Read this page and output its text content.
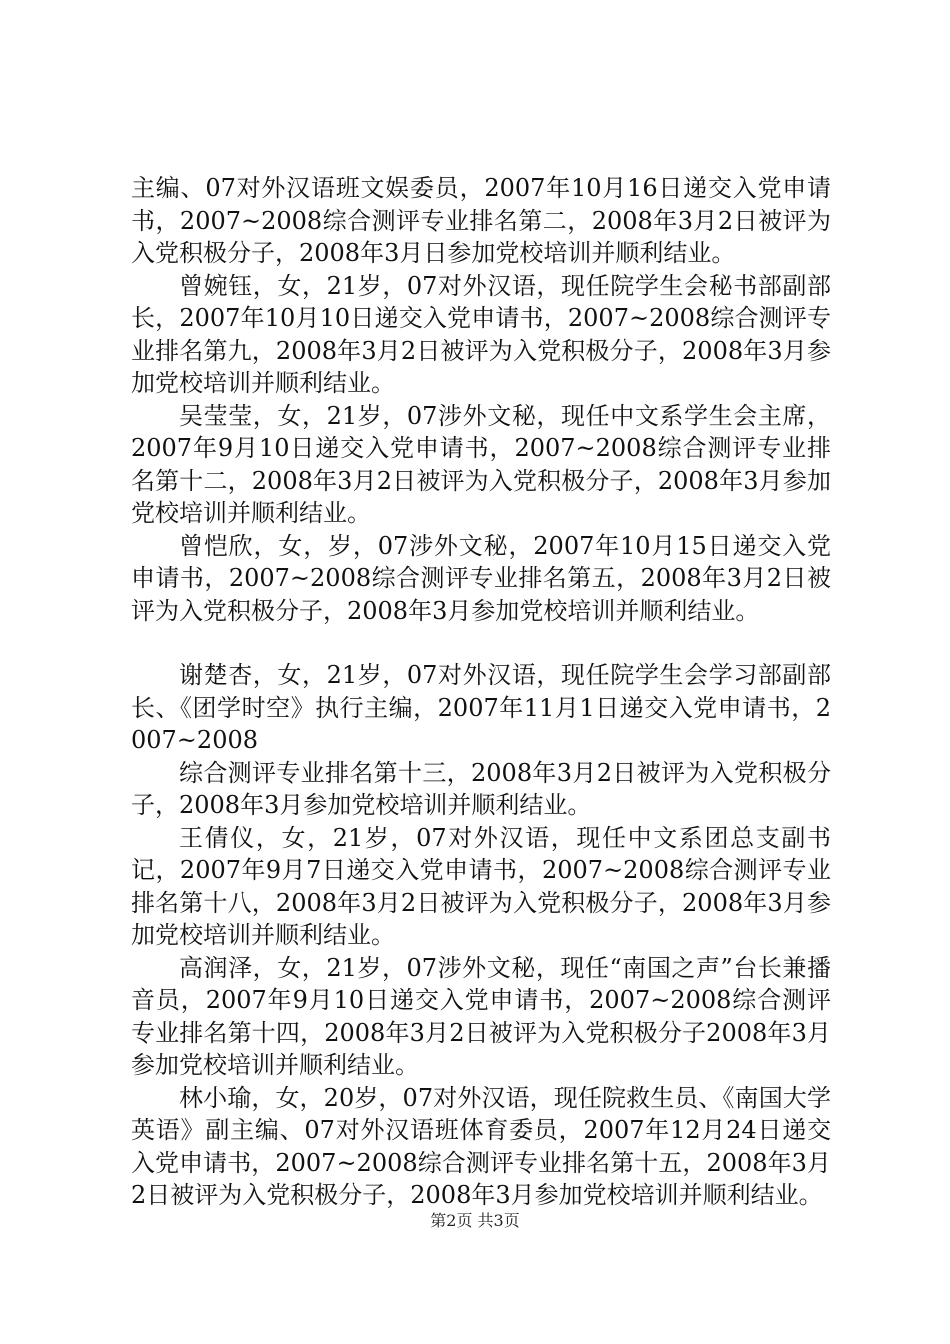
主编、07对外汉语班文娱委员，2007年10月16日递交入党申请书，2007~2008综合测评专业排名第二，2008年3月2日被评为入党积极分子，2008年3月日参加党校培训并顺利结业。

曾婉钰，女，21岁，07对外汉语，现任院学生会秘书部副部长，2007年10月10日递交入党申请书，2007~2008综合测评专业排名第九，2008年3月2日被评为入党积极分子，2008年3月参加党校培训并顺利结业。

吴莹莹，女，21岁，07涉外文秘，现任中文系学生会主席，2007年9月10日递交入党申请书，2007~2008综合测评专业排名第十二，2008年3月2日被评为入党积极分子，2008年3月参加党校培训并顺利结业。

曾恺欣，女，岁，07涉外文秘，2007年10月15日递交入党申请书，2007~2008综合测评专业排名第五，2008年3月2日被评为入党积极分子，2008年3月参加党校培训并顺利结业。

谢楚杏，女，21岁，07对外汉语，现任院学生会学习部副部长、《团学时空》执行主编，2007年11月1日递交入党申请书，2007~2008

综合测评专业排名第十三，2008年3月2日被评为入党积极分子，2008年3月参加党校培训并顺利结业。

王倩仪，女，21岁，07对外汉语，现任中文系团总支副书记，2007年9月7日递交入党申请书，2007~2008综合测评专业排名第十八，2008年3月2日被评为入党积极分子，2008年3月参加党校培训并顺利结业。

高润泽，女，21岁，07涉外文秘，现任“南国之声”台长兼播音员，2007年9月10日递交入党申请书，2007~2008综合测评专业排名第十四，2008年3月2日被评为入党积极分子2008年3月参加党校培训并顺利结业。

林小瑜，女，20岁，07对外汉语，现任院救生员、《南国大学英语》副主编、07对外汉语班体育委员，2007年12月24日递交入党申请书，2007~2008综合测评专业排名第十五，2008年3月2日被评为入党积极分子，2008年3月参加党校培训并顺利结业。

第2页 共3页
